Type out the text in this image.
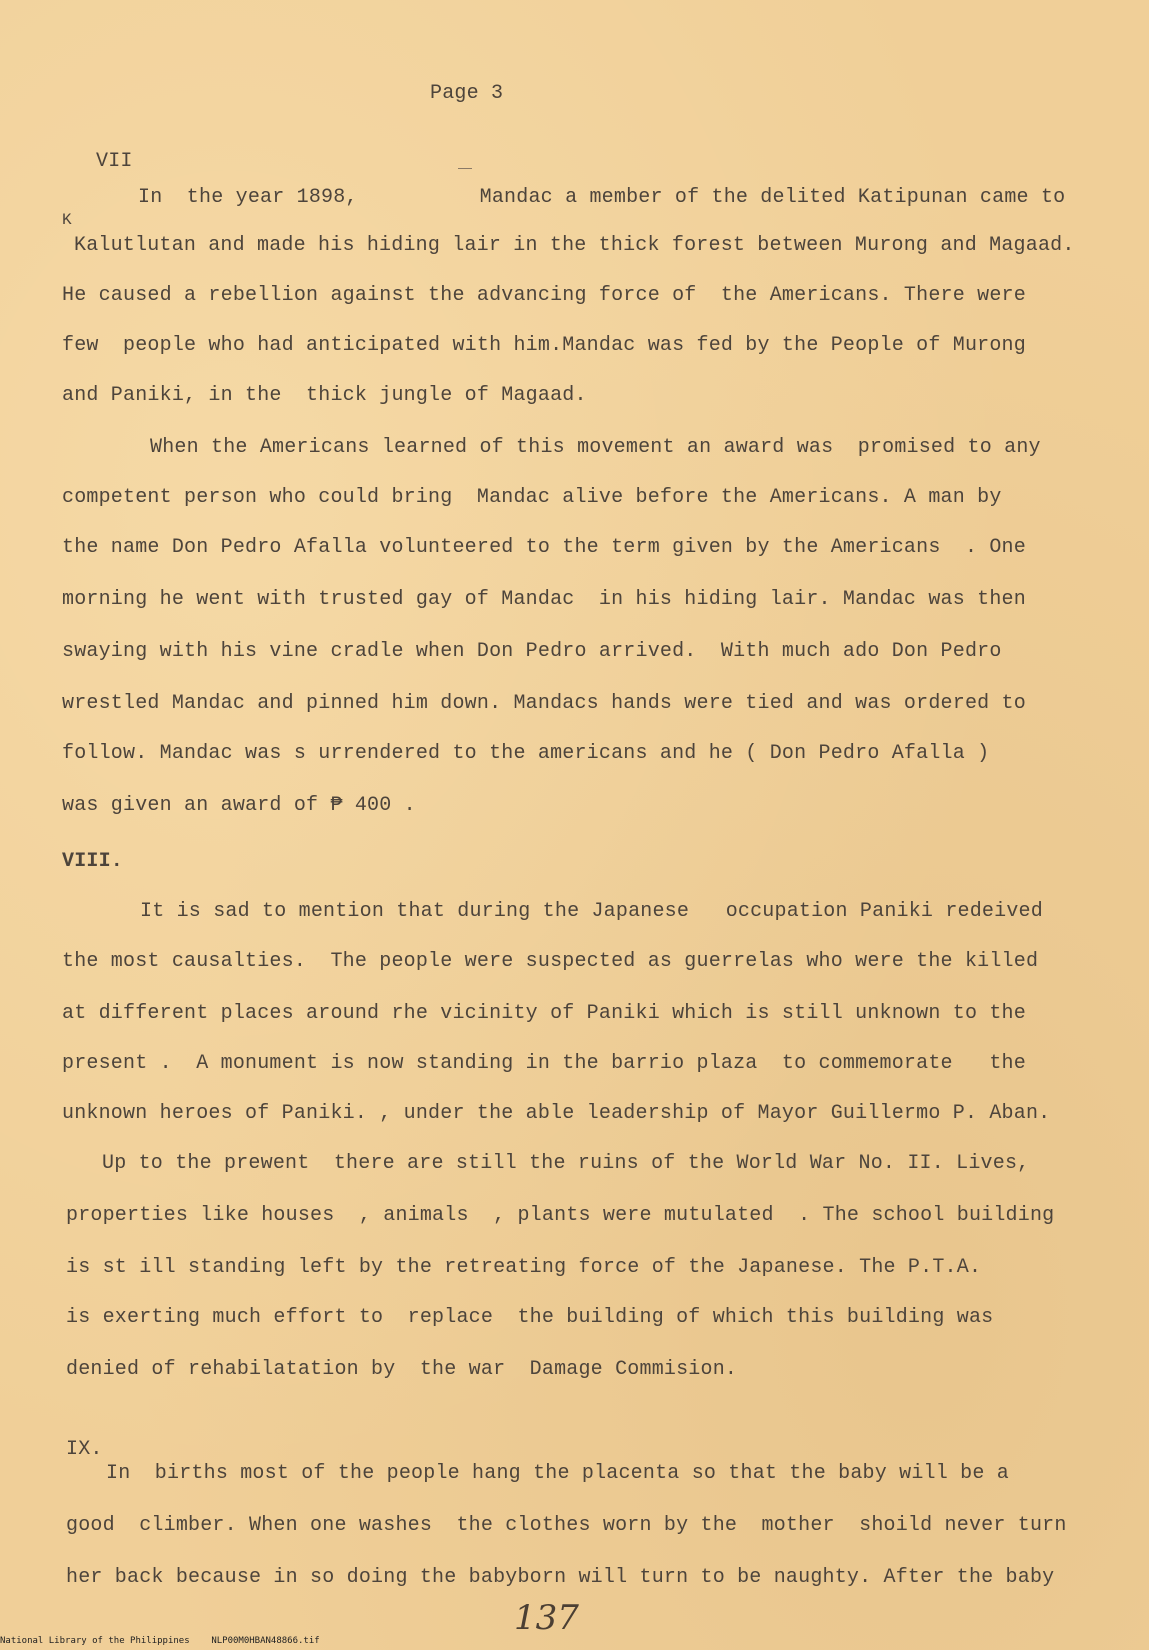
Page 3
VII
In  the year 1898,          Mandac a member of the delited Katipunan came to
K
Kalutlutan and made his hiding lair in the thick forest between Murong and Magaad.
He caused a rebellion against the advancing force of  the Americans. There were
few  people who had anticipated with him.Mandac was fed by the People of Murong
and Paniki, in the  thick jungle of Magaad.
When the Americans learned of this movement an award was  promised to any
competent person who could bring  Mandac alive before the Americans. A man by
the name Don Pedro Afalla volunteered to the term given by the Americans  . One
morning he went with trusted gay of Mandac  in his hiding lair. Mandac was then
swaying with his vine cradle when Don Pedro arrived.  With much ado Don Pedro
wrestled Mandac and pinned him down. Mandacs hands were tied and was ordered to
follow. Mandac was s urrendered to the americans and he ( Don Pedro Afalla )
was given an award of ₱ 400 .
VIII.
It is sad to mention that during the Japanese   occupation Paniki redeived
the most causalties.  The people were suspected as guerrelas who were the killed
at different places around rhe vicinity of Paniki which is still unknown to the
present .  A monument is now standing in the barrio plaza  to commemorate   the
unknown heroes of Paniki. , under the able leadership of Mayor Guillermo P. Aban.
Up to the prewent  there are still the ruins of the World War No. II. Lives,
properties like houses  , animals  , plants were mutulated  . The school building
is st ill standing left by the retreating force of the Japanese. The P.T.A.
is exerting much effort to  replace  the building of which this building was
denied of rehabilatation by  the war  Damage Commision.
IX.
In  births most of the people hang the placenta so that the baby will be a
good  climber. When one washes  the clothes worn by the  mother  shoild never turn
her back because in so doing the babyborn will turn to be naughty. After the baby
137
National Library of the Philippines    NLP00M0HBAN48866.tif
